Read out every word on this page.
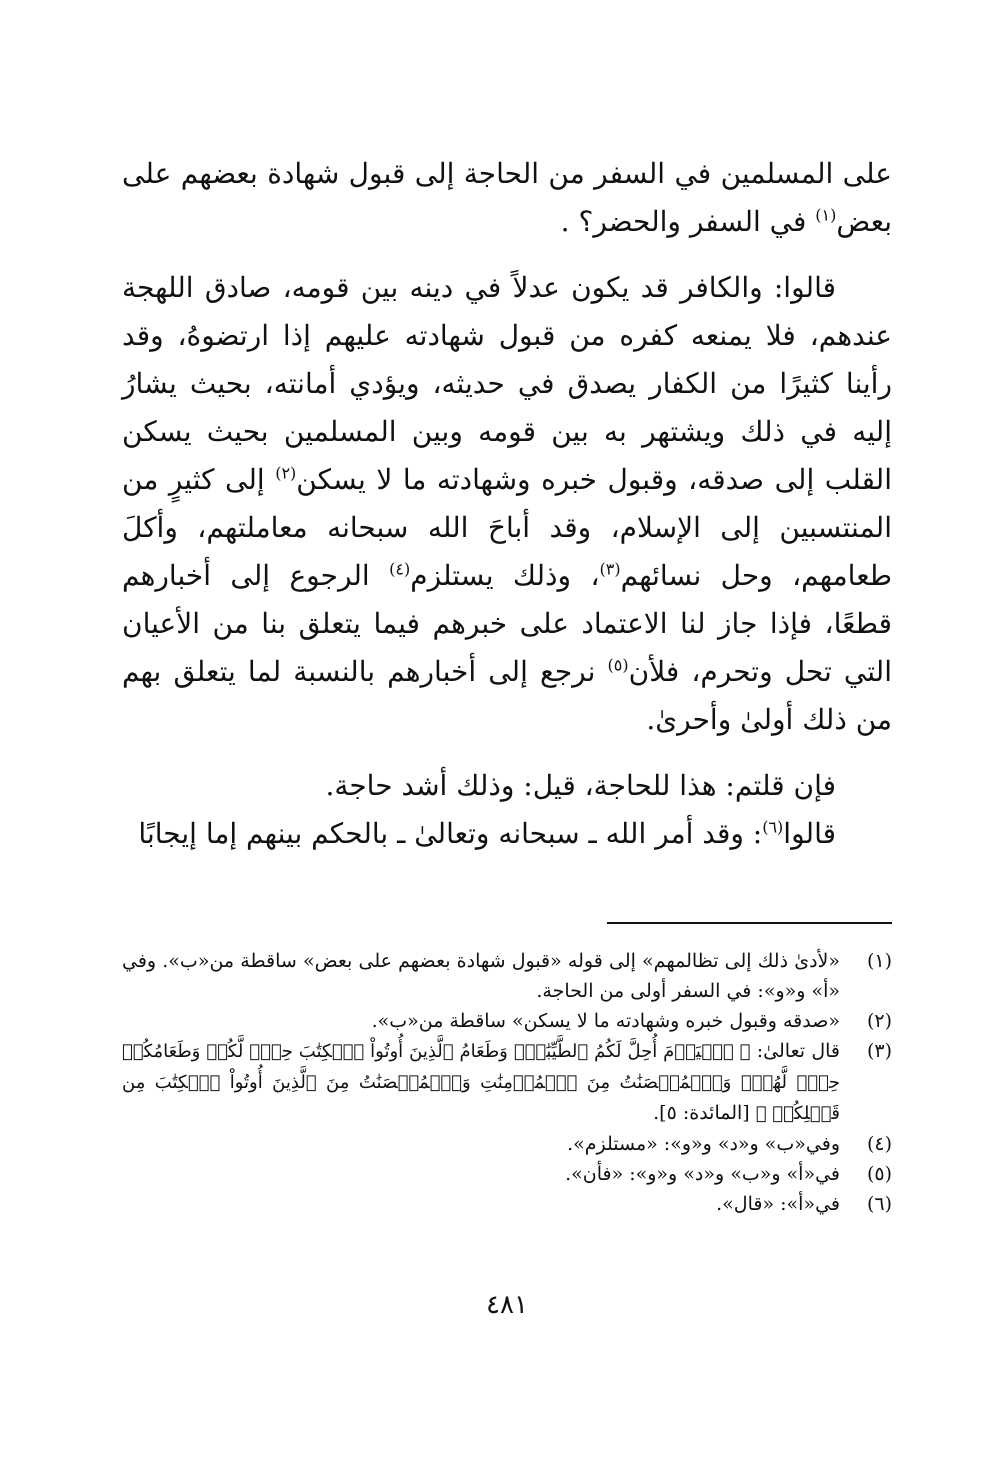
على المسلمين في السفر من الحاجة إلى قبول شهادة بعضهم على بعض$^{(١)}$ في السفر والحضر؟ .

قالوا: والكافر قد يكون عدلاً في دينه بين قومه، صادق اللهجة عندهم، فلا يمنعه كفره من قبول شهادته عليهم إذا ارتضوهُ، وقد رأينا كثيرًا من الكفار يصدق في حديثه، ويؤدي أمانته، بحيث يشارُ إليه في ذلك ويشتهر به بين قومه وبين المسلمين بحيث يسكن القلب إلى صدقه، وقبول خبره وشهادته ما لا يسكن$^{(٢)}$ إلى كثيرٍ من المنتسبين إلى الإسلام، وقد أباحَ الله سبحانه معاملتهم، وأكلَ طعامهم، وحل نسائهم$^{(٣)}$، وذلك يستلزم$^{(٤)}$ الرجوع إلى أخبارهم قطعًا، فإذا جاز لنا الاعتماد على خبرهم فيما يتعلق بنا من الأعيان التي تحل وتحرم، فلأن$^{(٥)}$ نرجع إلى أخبارهم بالنسبة لما يتعلق بهم من ذلك أولىٰ وأحرىٰ.

فإن قلتم: هذا للحاجة، قيل: وذلك أشد حاجة.

قالوا$^{(٦)}$: وقد أمر الله ـ سبحانه وتعالىٰ ـ بالحكم بينهم إما إيجابًا

(١)
«لأدىٰ ذلك إلى تظالمهم» إلى قوله «قبول شهادة بعضهم على بعض» ساقطة من«ب». وفي «أ» و«و»: في السفر أولى من الحاجة.
(٢)
«صدقه وقبول خبره وشهادته ما لا يسكن» ساقطة من«ب».
(٣)
قال تعالىٰ: ﴿ ٱلۡيَوۡمَ أُحِلَّ لَكُمُ ٱلطَّيِّبَٰتُۖ وَطَعَامُ ٱلَّذِينَ أُوتُواْ ٱلۡكِتَٰبَ حِلّٞ لَّكُمۡ وَطَعَامُكُمۡ حِلّٞ لَّهُمۡۖ وَٱلۡمُحۡصَنَٰتُ مِنَ ٱلۡمُؤۡمِنَٰتِ وَٱلۡمُحۡصَنَٰتُ مِنَ ٱلَّذِينَ أُوتُواْ ٱلۡكِتَٰبَ مِن قَبۡلِكُمۡ ﴾ [المائدة: ٥].
(٤)
وفي«ب» و«د» و«و»: «مستلزم».
(٥)
في«أ» و«ب» و«د» و«و»: «فأن».
(٦)
في«أ»: «قال».
٤٨١
